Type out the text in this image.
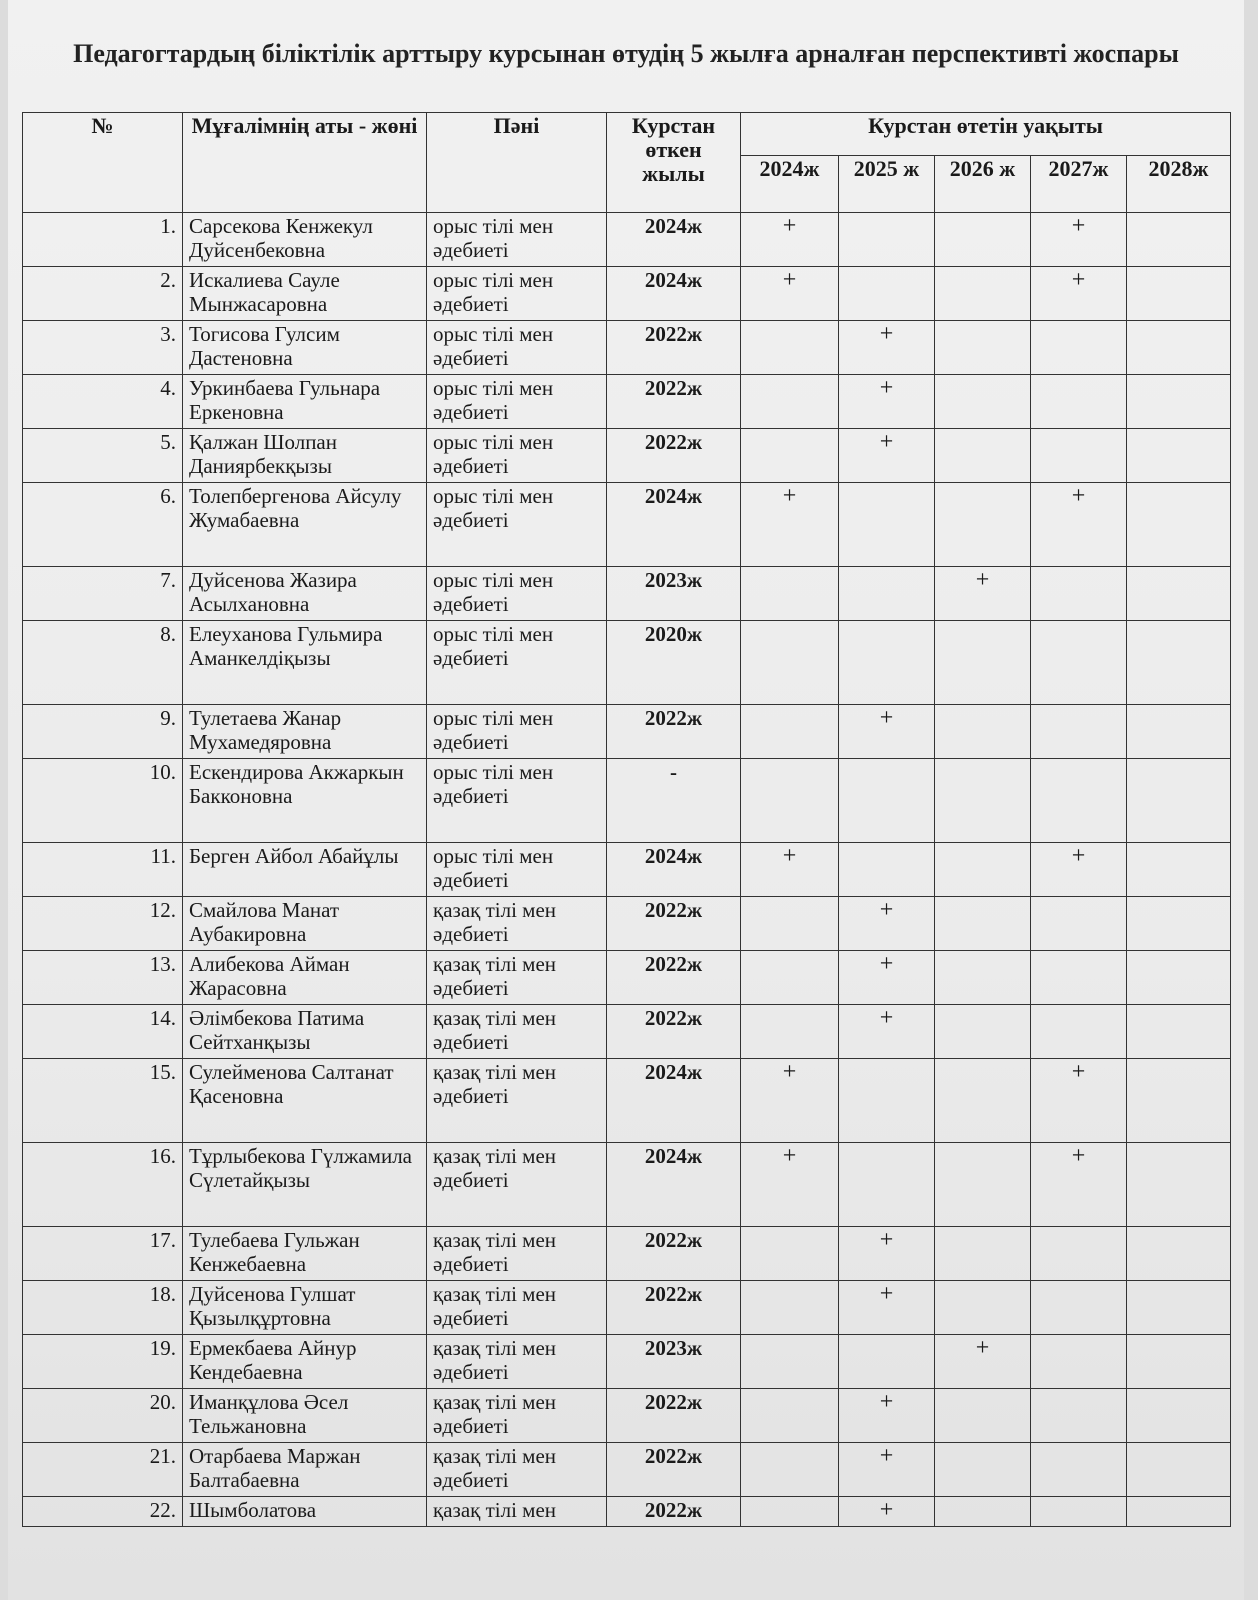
Педагогтардың біліктілік арттыру курсынан өтудің 5 жылға арналған перспективті жоспары
№	Мұғалімнің аты - жөні	Пәні	Курстан өткен жылы	Курстан өтетін уақыты				
				2024ж	2025 ж	2026 ж	2027ж	2028ж
1.	Сарсекова Кенжекул Дуйсенбековна	орыс тілі мен әдебиеті	2024ж	+			+	
2.	Искалиева Сауле Мынжасаровна	орыс тілі мен әдебиеті	2024ж	+			+	
3.	Тогисова Гулсим Дастеновна	орыс тілі мен әдебиеті	2022ж		+			
4.	Уркинбаева Гульнара Еркеновна	орыс тілі мен әдебиеті	2022ж		+			
5.	Қалжан Шолпан Даниярбекқызы	орыс тілі мен әдебиеті	2022ж		+			
6.	Толепбергенова Айсулу Жумабаевна	орыс тілі мен әдебиеті	2024ж	+			+	
7.	Дуйсенова Жазира Асылхановна	орыс тілі мен әдебиеті	2023ж			+		
8.	Елеуханова Гульмира Аманкелдіқызы	орыс тілі мен әдебиеті	2020ж					
9.	Тулетаева Жанар Мухамедяровна	орыс тілі мен әдебиеті	2022ж		+			
10.	Ескендирова Акжаркын Бакконовна	орыс тілі мен әдебиеті	-					
11.	Берген Айбол Абайұлы	орыс тілі мен әдебиеті	2024ж	+			+	
12.	Смайлова Манат Аубакировна	қазақ тілі мен әдебиеті	2022ж		+			
13.	Алибекова Айман Жарасовна	қазақ тілі мен әдебиеті	2022ж		+			
14.	Әлімбекова Патима Сейтханқызы	қазақ тілі мен әдебиеті	2022ж		+			
15.	Сулейменова Салтанат Қасеновна	қазақ тілі мен әдебиеті	2024ж	+			+	
16.	Тұрлыбекова Гүлжамила Сүлетайқызы	қазақ тілі мен әдебиеті	2024ж	+			+	
17.	Тулебаева Гульжан Кенжебаевна	қазақ тілі мен әдебиеті	2022ж		+			
18.	Дуйсенова Гулшат Қызылқұртовна	қазақ тілі мен әдебиеті	2022ж		+			
19.	Ермекбаева Айнур Кендебаевна	қазақ тілі мен әдебиеті	2023ж			+		
20.	Иманқұлова Әсел Тельжановна	қазақ тілі мен әдебиеті	2022ж		+			
21.	Отарбаева Маржан Балтабаевна	қазақ тілі мен әдебиеті	2022ж		+			
22.	Шымболатова	қазақ тілі мен	2022ж		+			
